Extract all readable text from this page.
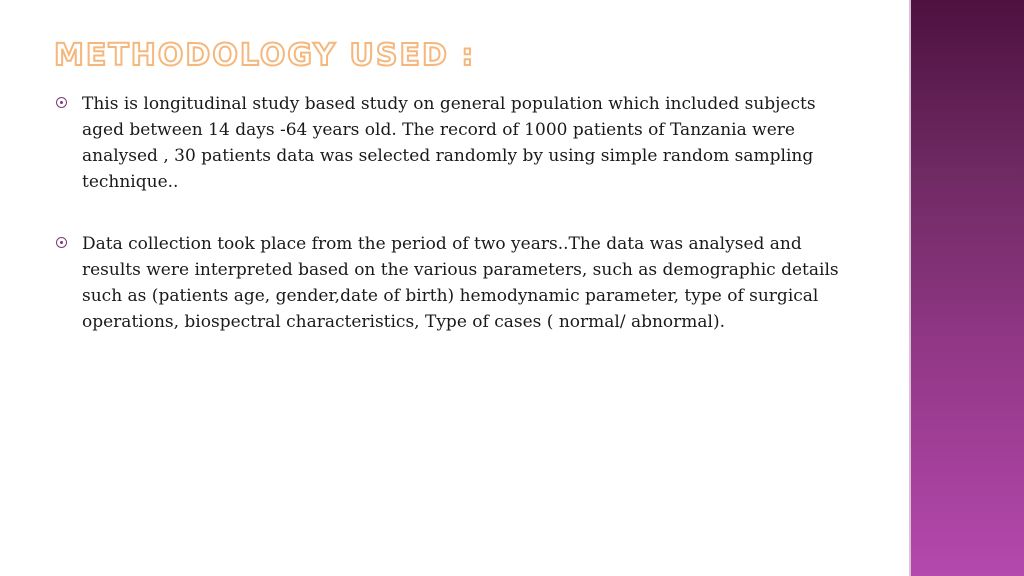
METHODOLOGY USED :

This is longitudinal study based study on general population which included subjects aged between 14 days -64 years old. The record of 1000 patients of Tanzania were analysed , 30 patients data was selected randomly by using simple random sampling technique..

Data collection took place from the period of two years..The data was analysed and results were interpreted based on the various parameters, such as demographic details such as (patients age, gender,date of birth) hemodynamic parameter, type of surgical operations, biospectral characteristics, Type of cases ( normal/ abnormal).
